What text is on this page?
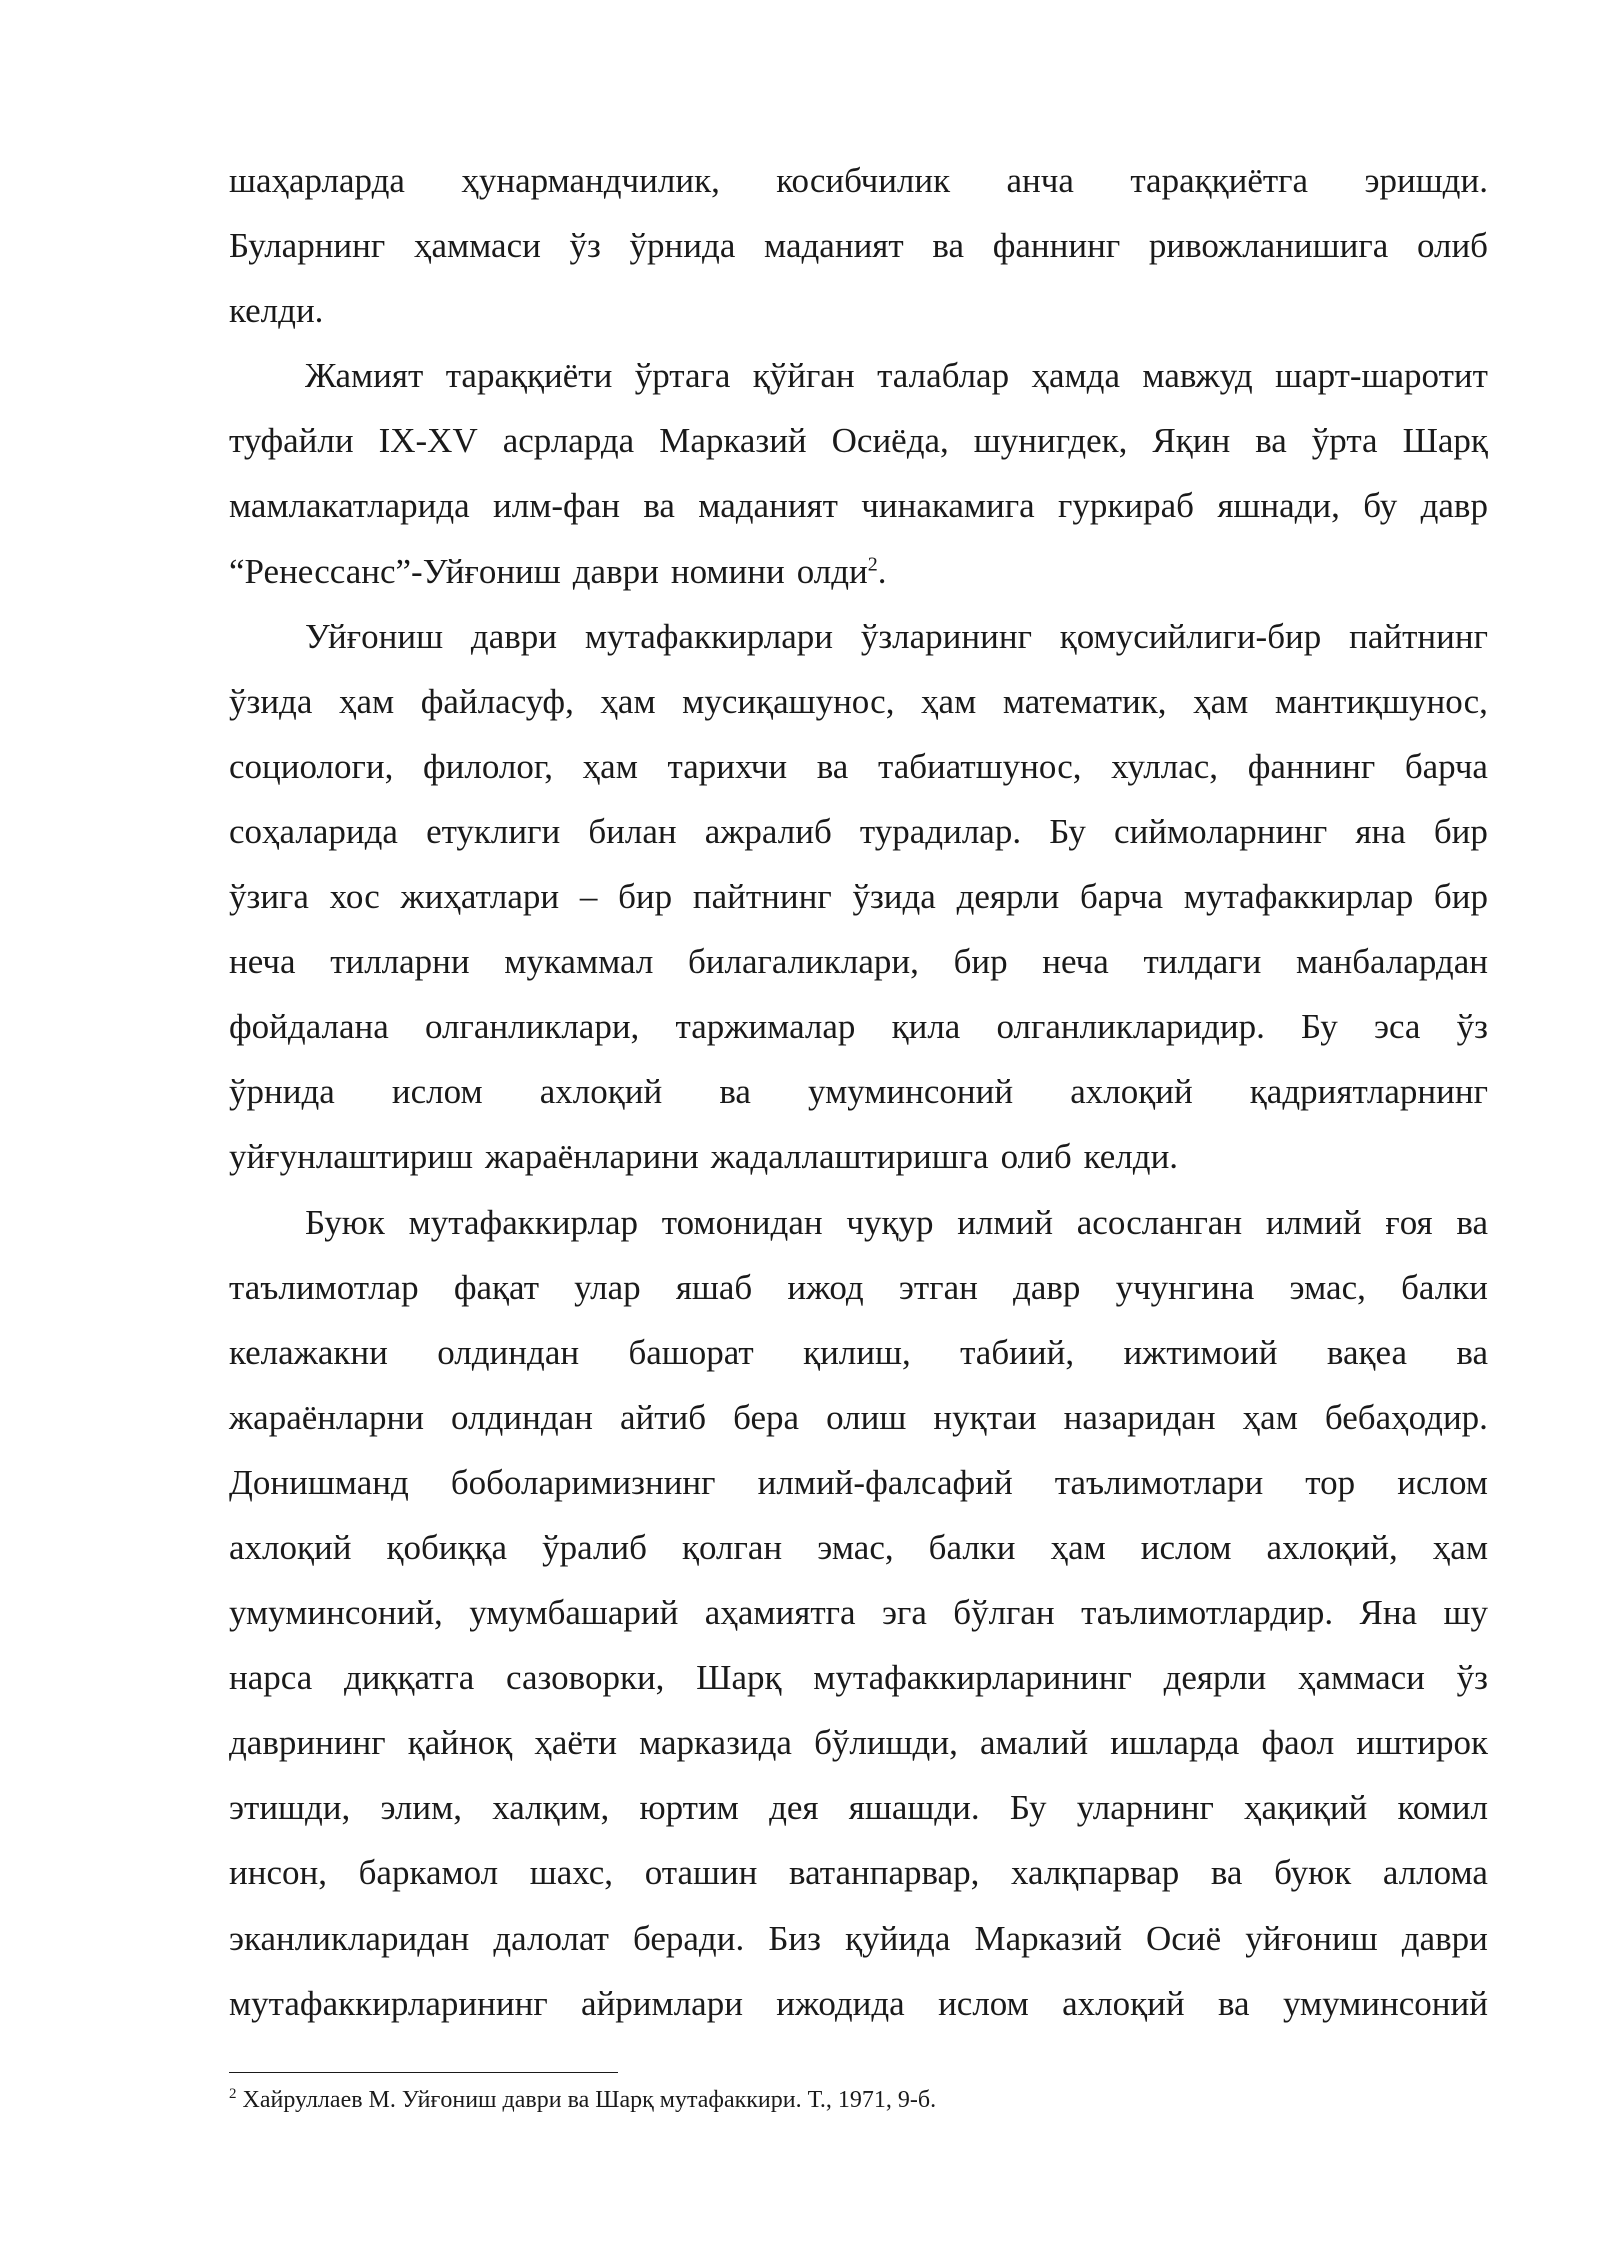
шаҳарларда ҳунармандчилик, косибчилик анча тараққиётга эришди.
Буларнинг ҳаммаси ўз ўрнида маданият ва фаннинг ривожланишига олиб
келди.
Жамият тараққиёти ўртага қўйган талаблар ҳамда мавжуд шарт-шаротит
туфайли IX-XV асрларда Марказий Осиёда, шунигдек, Яқин ва ўрта Шарқ
мамлакатларида илм-фан ва маданият чинакамига гуркираб яшнади, бу давр
“Ренессанс”-Уйғониш даври номини олди$^2$.
Уйғониш даври мутафаккирлари ўзларининг қомусийлиги-бир пайтнинг
ўзида ҳам файласуф, ҳам мусиқашунос, ҳам математик, ҳам мантиқшунос,
социологи, филолог, ҳам тарихчи ва табиатшунос, хуллас, фаннинг барча
соҳаларида етуклиги билан ажралиб турадилар. Бу сиймоларнинг яна бир
ўзига хос жиҳатлари – бир пайтнинг ўзида деярли барча мутафаккирлар бир
неча тилларни мукаммал билагаликлари, бир неча тилдаги манбалардан
фойдалана олганликлари, таржималар қила олганликларидир. Бу эса ўз
ўрнида ислом ахлоқий ва умуминсоний ахлоқий қадриятларнинг
уйғунлаштириш жараёнларини жадаллаштиришга олиб келди.
Буюк мутафаккирлар томонидан чуқур илмий асосланган илмий ғоя ва
таълимотлар фақат улар яшаб ижод этган давр учунгина эмас, балки
келажакни олдиндан башорат қилиш, табиий, ижтимоий вақеа ва
жараёнларни олдиндан айтиб бера олиш нуқтаи назаридан ҳам бебаҳодир.
Донишманд боболаримизнинг илмий-фалсафий таълимотлари тор ислом
ахлоқий қобиққа ўралиб қолган эмас, балки ҳам ислом ахлоқий, ҳам
умуминсоний, умумбашарий аҳамиятга эга бўлган таълимотлардир. Яна шу
нарса диққатга сазоворки, Шарқ мутафаккирларининг деярли ҳаммаси ўз
даврининг қайноқ ҳаёти марказида бўлишди, амалий ишларда фаол иштирок
этишди, элим, халқим, юртим дея яшашди. Бу уларнинг ҳақиқий комил
инсон, баркамол шахс, оташин ватанпарвар, халқпарвар ва буюк аллома
эканликларидан далолат беради. Биз қуйида Марказий Осиё уйғониш даври
мутафаккирларининг айримлари ижодида ислом ахлоқий ва умуминсоний
$^2$ Хайруллаев М. Уйғониш даври ва Шарқ мутафаккири. Т., 1971, 9-б.
